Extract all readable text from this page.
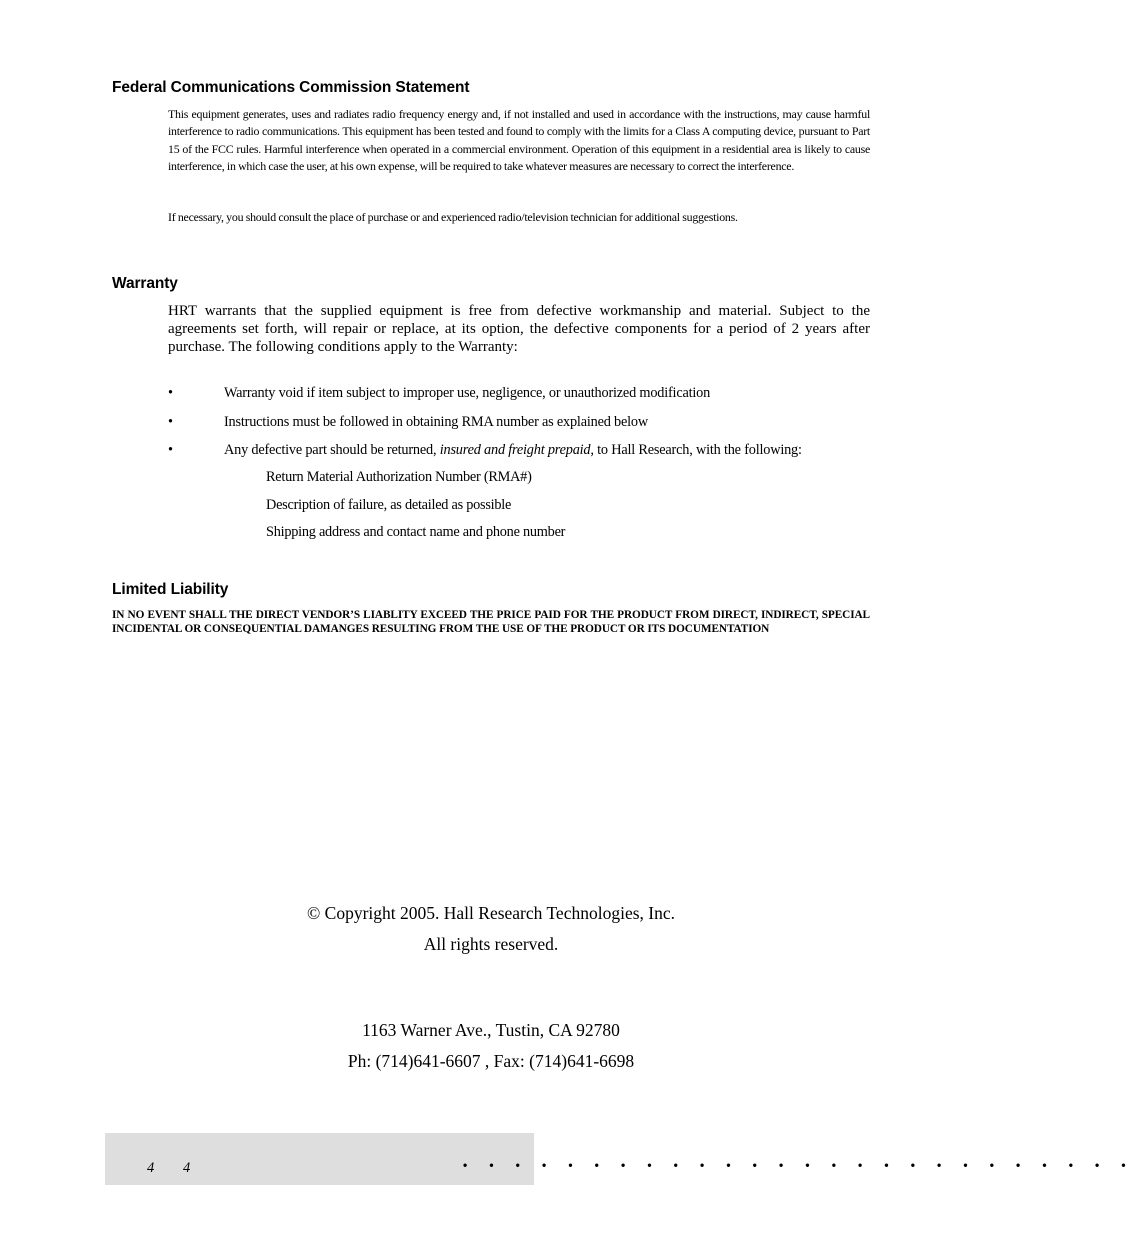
Federal Communications Commission Statement

This equipment generates, uses and radiates radio frequency energy and, if not installed and used in accordance with the instructions, may cause harmful interference to radio communications. This equipment has been tested and found to comply with the limits for a Class A computing device, pursuant to Part 15 of the FCC rules. Harmful interference when operated in a commercial environment. Operation of this equipment in a residential area is likely to cause interference, in which case the user, at his own expense, will be required to take whatever measures are necessary to correct the interference.

If necessary, you should consult the place of purchase or and experienced radio/television technician for additional suggestions.

Warranty

HRT warrants that the supplied equipment is free from defective workmanship and material. Subject to the agreements set forth, will repair or replace, at its option, the defective components for a period of 2 years after purchase. The following conditions apply to the Warranty:

•	Warranty void if item subject to improper use, negligence, or unauthorized modification
•	Instructions must be followed in obtaining RMA number as explained below
•	Any defective part should be returned, insured and freight prepaid, to Hall Research, with the following:
Return Material Authorization Number (RMA#)
Description of failure, as detailed as possible
Shipping address and contact name and phone number
Limited Liability

IN NO EVENT SHALL THE DIRECT VENDOR’S LIABLITY EXCEED THE PRICE PAID FOR THE PRODUCT FROM DIRECT, INDIRECT, SPECIAL INCIDENTAL OR CONSEQUENTIAL DAMANGES RESULTING FROM THE USE OF THE PRODUCT OR ITS DOCUMENTATION

© Copyright 2005. Hall Research Technologies, Inc.
All rights reserved.
1163 Warner Ave., Tustin, CA 92780
Ph: (714)641-6607 , Fax: (714)641-6698
4 4	• • • • • • • • • • • • • • • • • • • • • • • • • •
